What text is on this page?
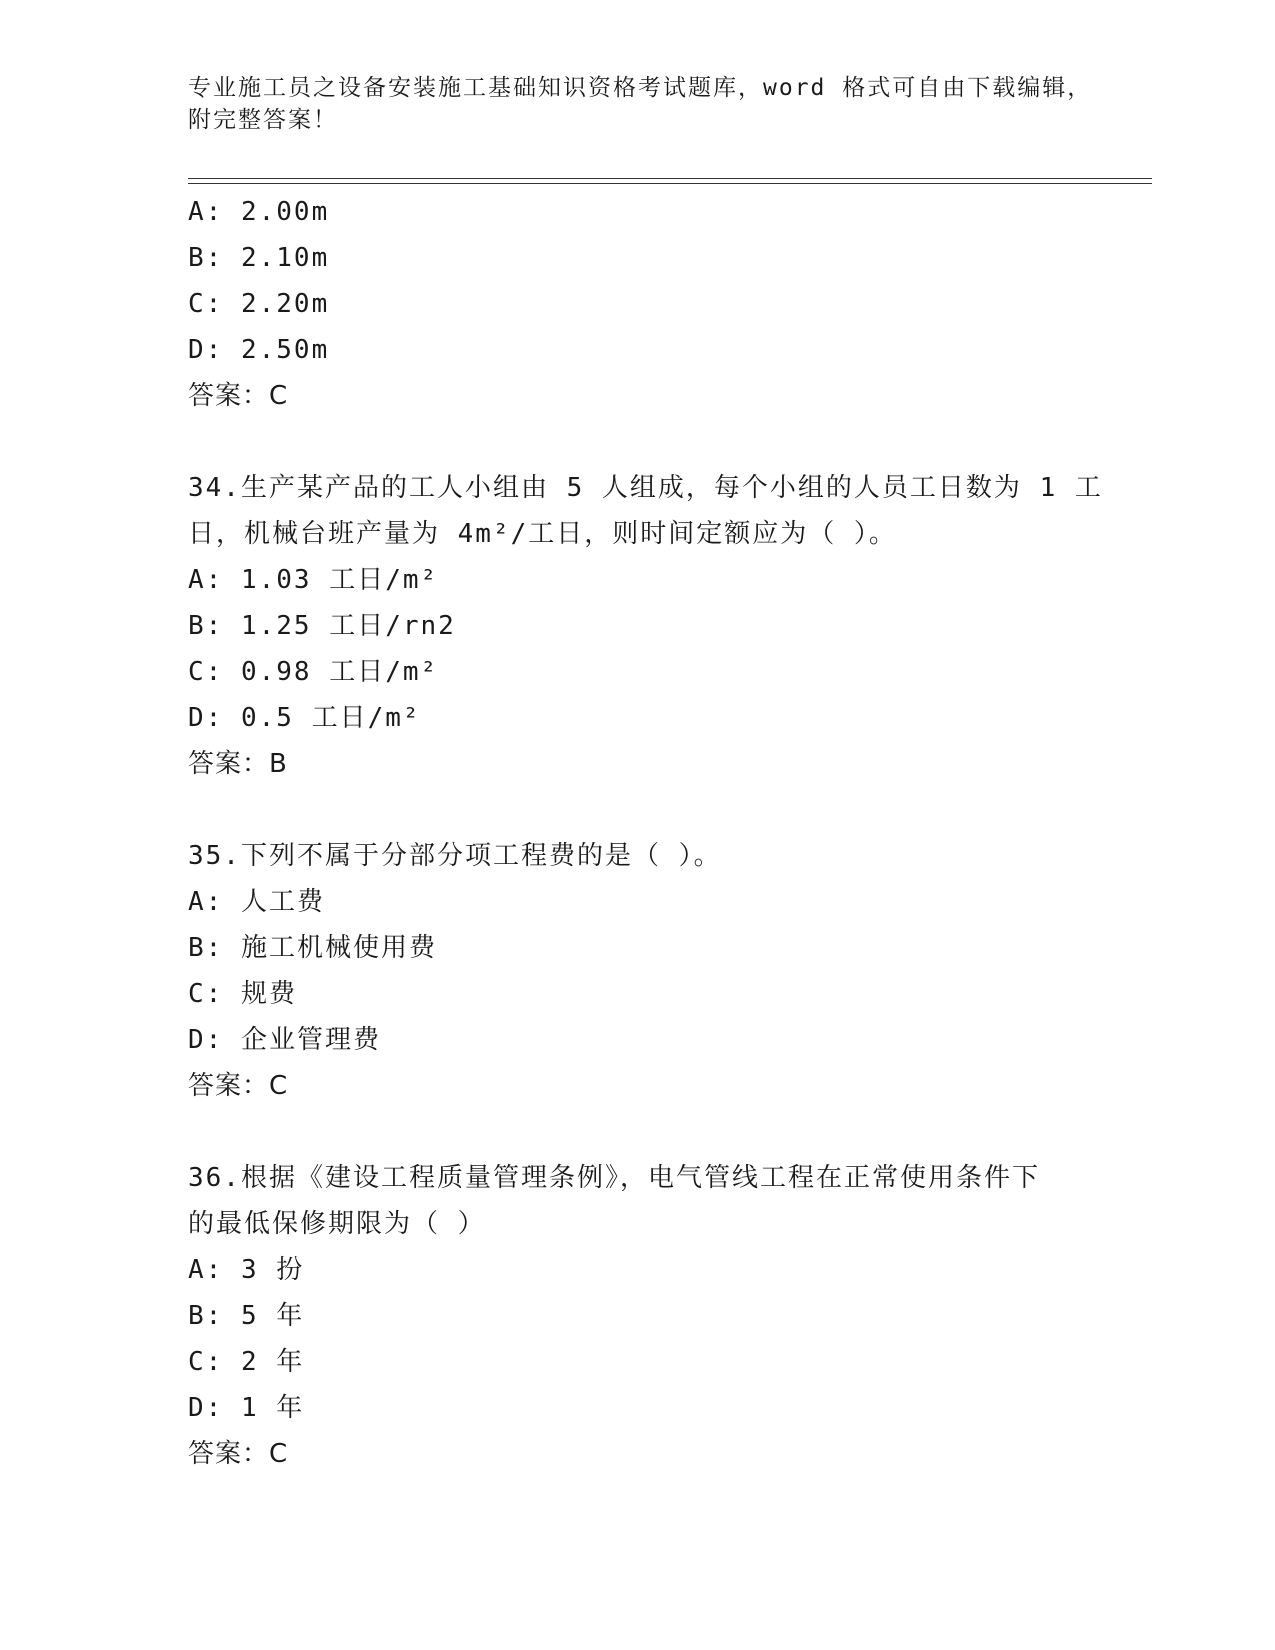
专业施工员之设备安装施工基础知识资格考试题库，word 格式可自由下载编辑，
附完整答案！
A: 2.00m
B: 2.10m
C: 2.20m
D: 2.50m
答案：C
34.生产某产品的工人小组由 5 人组成，每个小组的人员工日数为 1 工
日，机械台班产量为 4m²/工日，则时间定额应为（ ）。
A: 1.03 工日/m²
B: 1.25 工日/rn2
C: 0.98 工日/m²
D: 0.5 工日/m²
答案：B
35.下列不属于分部分项工程费的是（ ）。
A: 人工费
B: 施工机械使用费
C: 规费
D: 企业管理费
答案：C
36.根据《建设工程质量管理条例》，电气管线工程在正常使用条件下
的最低保修期限为（ ）
A: 3 扮
B: 5 年
C: 2 年
D: 1 年
答案：C
